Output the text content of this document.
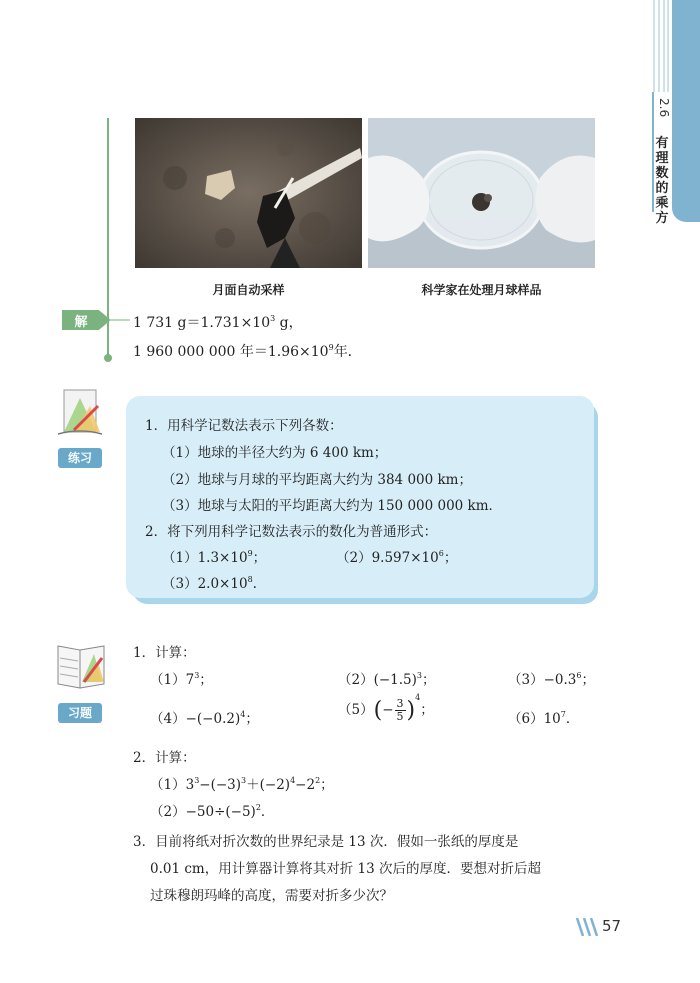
2.6
有理数的乘方
月面自动采样	科学家在处理月球样品
解	1 731 $g=1.731\times 10^3$ g，
1 960 000 000 年$=1.96\times 10^9$年．
练习
1．用科学记数法表示下列各数：
（1）地球的半径大约为 6 400 km；
（2）地球与月球的平均距离大约为 384 000 km；
（3）地球与太阳的平均距离大约为 150 000 000 km．
2．将下列用科学记数法表示的数化为普通形式：
$(1)1.3\times 10^9$；	$(2)9.597\times 10^6$；
$(3)2.0\times 10^8$.
习题
1．计算：
$(1)7^3$；	$(2)(-1.5)^3$；	$(3)-0.3^6$；
$(4)-(-0.2)^4$；
$(5)(- \frac{3}{5} )^4$；
$(6)10^7$．
2．计算：
$(1)3^3-(-3)^3+(-2)^4-2^2$；
$(2)-50\div(-5)^2$．
3．目前将纸对折次数的世界纪录是 13 次．假如一张纸的厚度是
0.01 cm，用计算器计算将其对折 13 次后的厚度．要想对折后超
过珠穆朗玛峰的高度，需要对折多少次？
57
